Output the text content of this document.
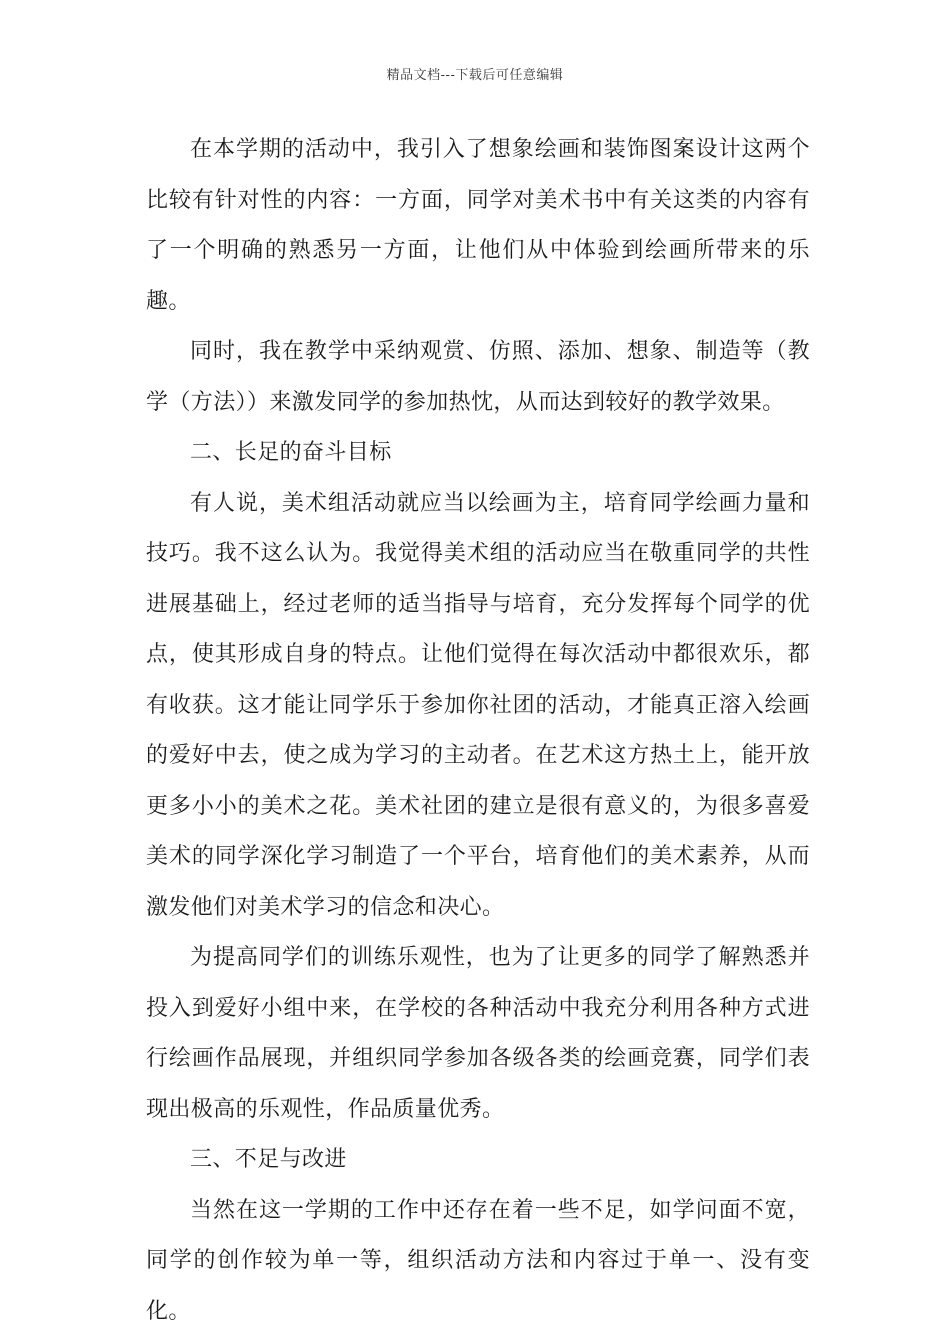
精品文档---下载后可任意编辑

在本学期的活动中，我引入了想象绘画和装饰图案设计这两个比较有针对性的内容：一方面，同学对美术书中有关这类的内容有了一个明确的熟悉另一方面，让他们从中体验到绘画所带来的乐趣。

同时，我在教学中采纳观赏、仿照、添加、想象、制造等（教学（方法））来激发同学的参加热忱，从而达到较好的教学效果。

二、长足的奋斗目标

有人说，美术组活动就应当以绘画为主，培育同学绘画力量和技巧。我不这么认为。我觉得美术组的活动应当在敬重同学的共性进展基础上，经过老师的适当指导与培育，充分发挥每个同学的优点，使其形成自身的特点。让他们觉得在每次活动中都很欢乐，都有收获。这才能让同学乐于参加你社团的活动，才能真正溶入绘画的爱好中去，使之成为学习的主动者。在艺术这方热土上，能开放更多小小的美术之花。美术社团的建立是很有意义的，为很多喜爱美术的同学深化学习制造了一个平台，培育他们的美术素养，从而激发他们对美术学习的信念和决心。

为提高同学们的训练乐观性，也为了让更多的同学了解熟悉并投入到爱好小组中来，在学校的各种活动中我充分利用各种方式进行绘画作品展现，并组织同学参加各级各类的绘画竞赛，同学们表现出极高的乐观性，作品质量优秀。

三、不足与改进

当然在这一学期的工作中还存在着一些不足，如学问面不宽，同学的创作较为单一等，组织活动方法和内容过于单一、没有变化。
